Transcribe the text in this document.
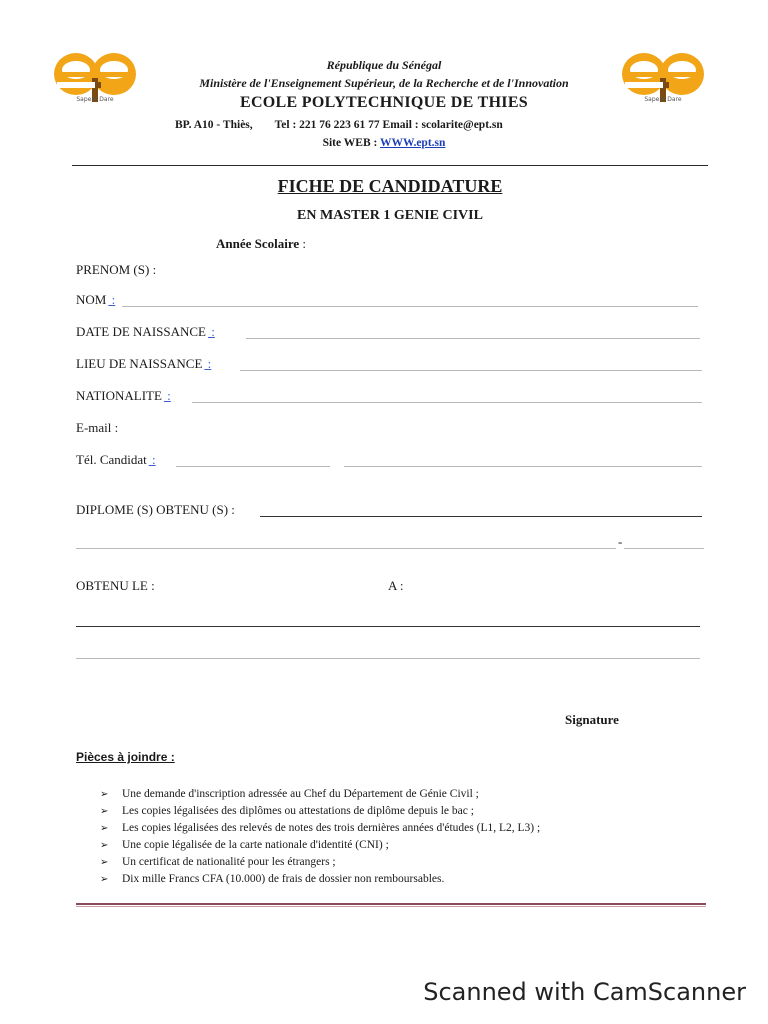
Sapere Dare	Sapere Dare
République du Sénégal
Ministère de l'Enseignement Supérieur, de la Recherche et de l'Innovation
ECOLE POLYTECHNIQUE DE THIES
BP. A10 - Thiès, Tel : 221 76 223 61 77 Email : scolarite@ept.sn
Site WEB : WWW.ept.sn
FICHE DE CANDIDATURE
EN MASTER 1 GENIE CIVIL
Année Scolaire :
PRENOM (S) :
NOM :
DATE DE NAISSANCE :
LIEU DE NAISSANCE :
NATIONALITE :
E-mail :
Tél. Candidat :
DIPLOME (S) OBTENU (S) :
-
OBTENU LE :	A :
Signature
Pièces à joindre :
➢ Une demande d'inscription adressée au Chef du Département de Génie Civil ;
➢ Les copies légalisées des diplômes ou attestations de diplôme depuis le bac ;
➢ Les copies légalisées des relevés de notes des trois dernières années d'études (L1, L2, L3) ;
➢ Une copie légalisée de la carte nationale d'identité (CNI) ;
➢ Un certificat de nationalité pour les étrangers ;
➢ Dix mille Francs CFA (10.000) de frais de dossier non remboursables.
Scanned with CamScanner
